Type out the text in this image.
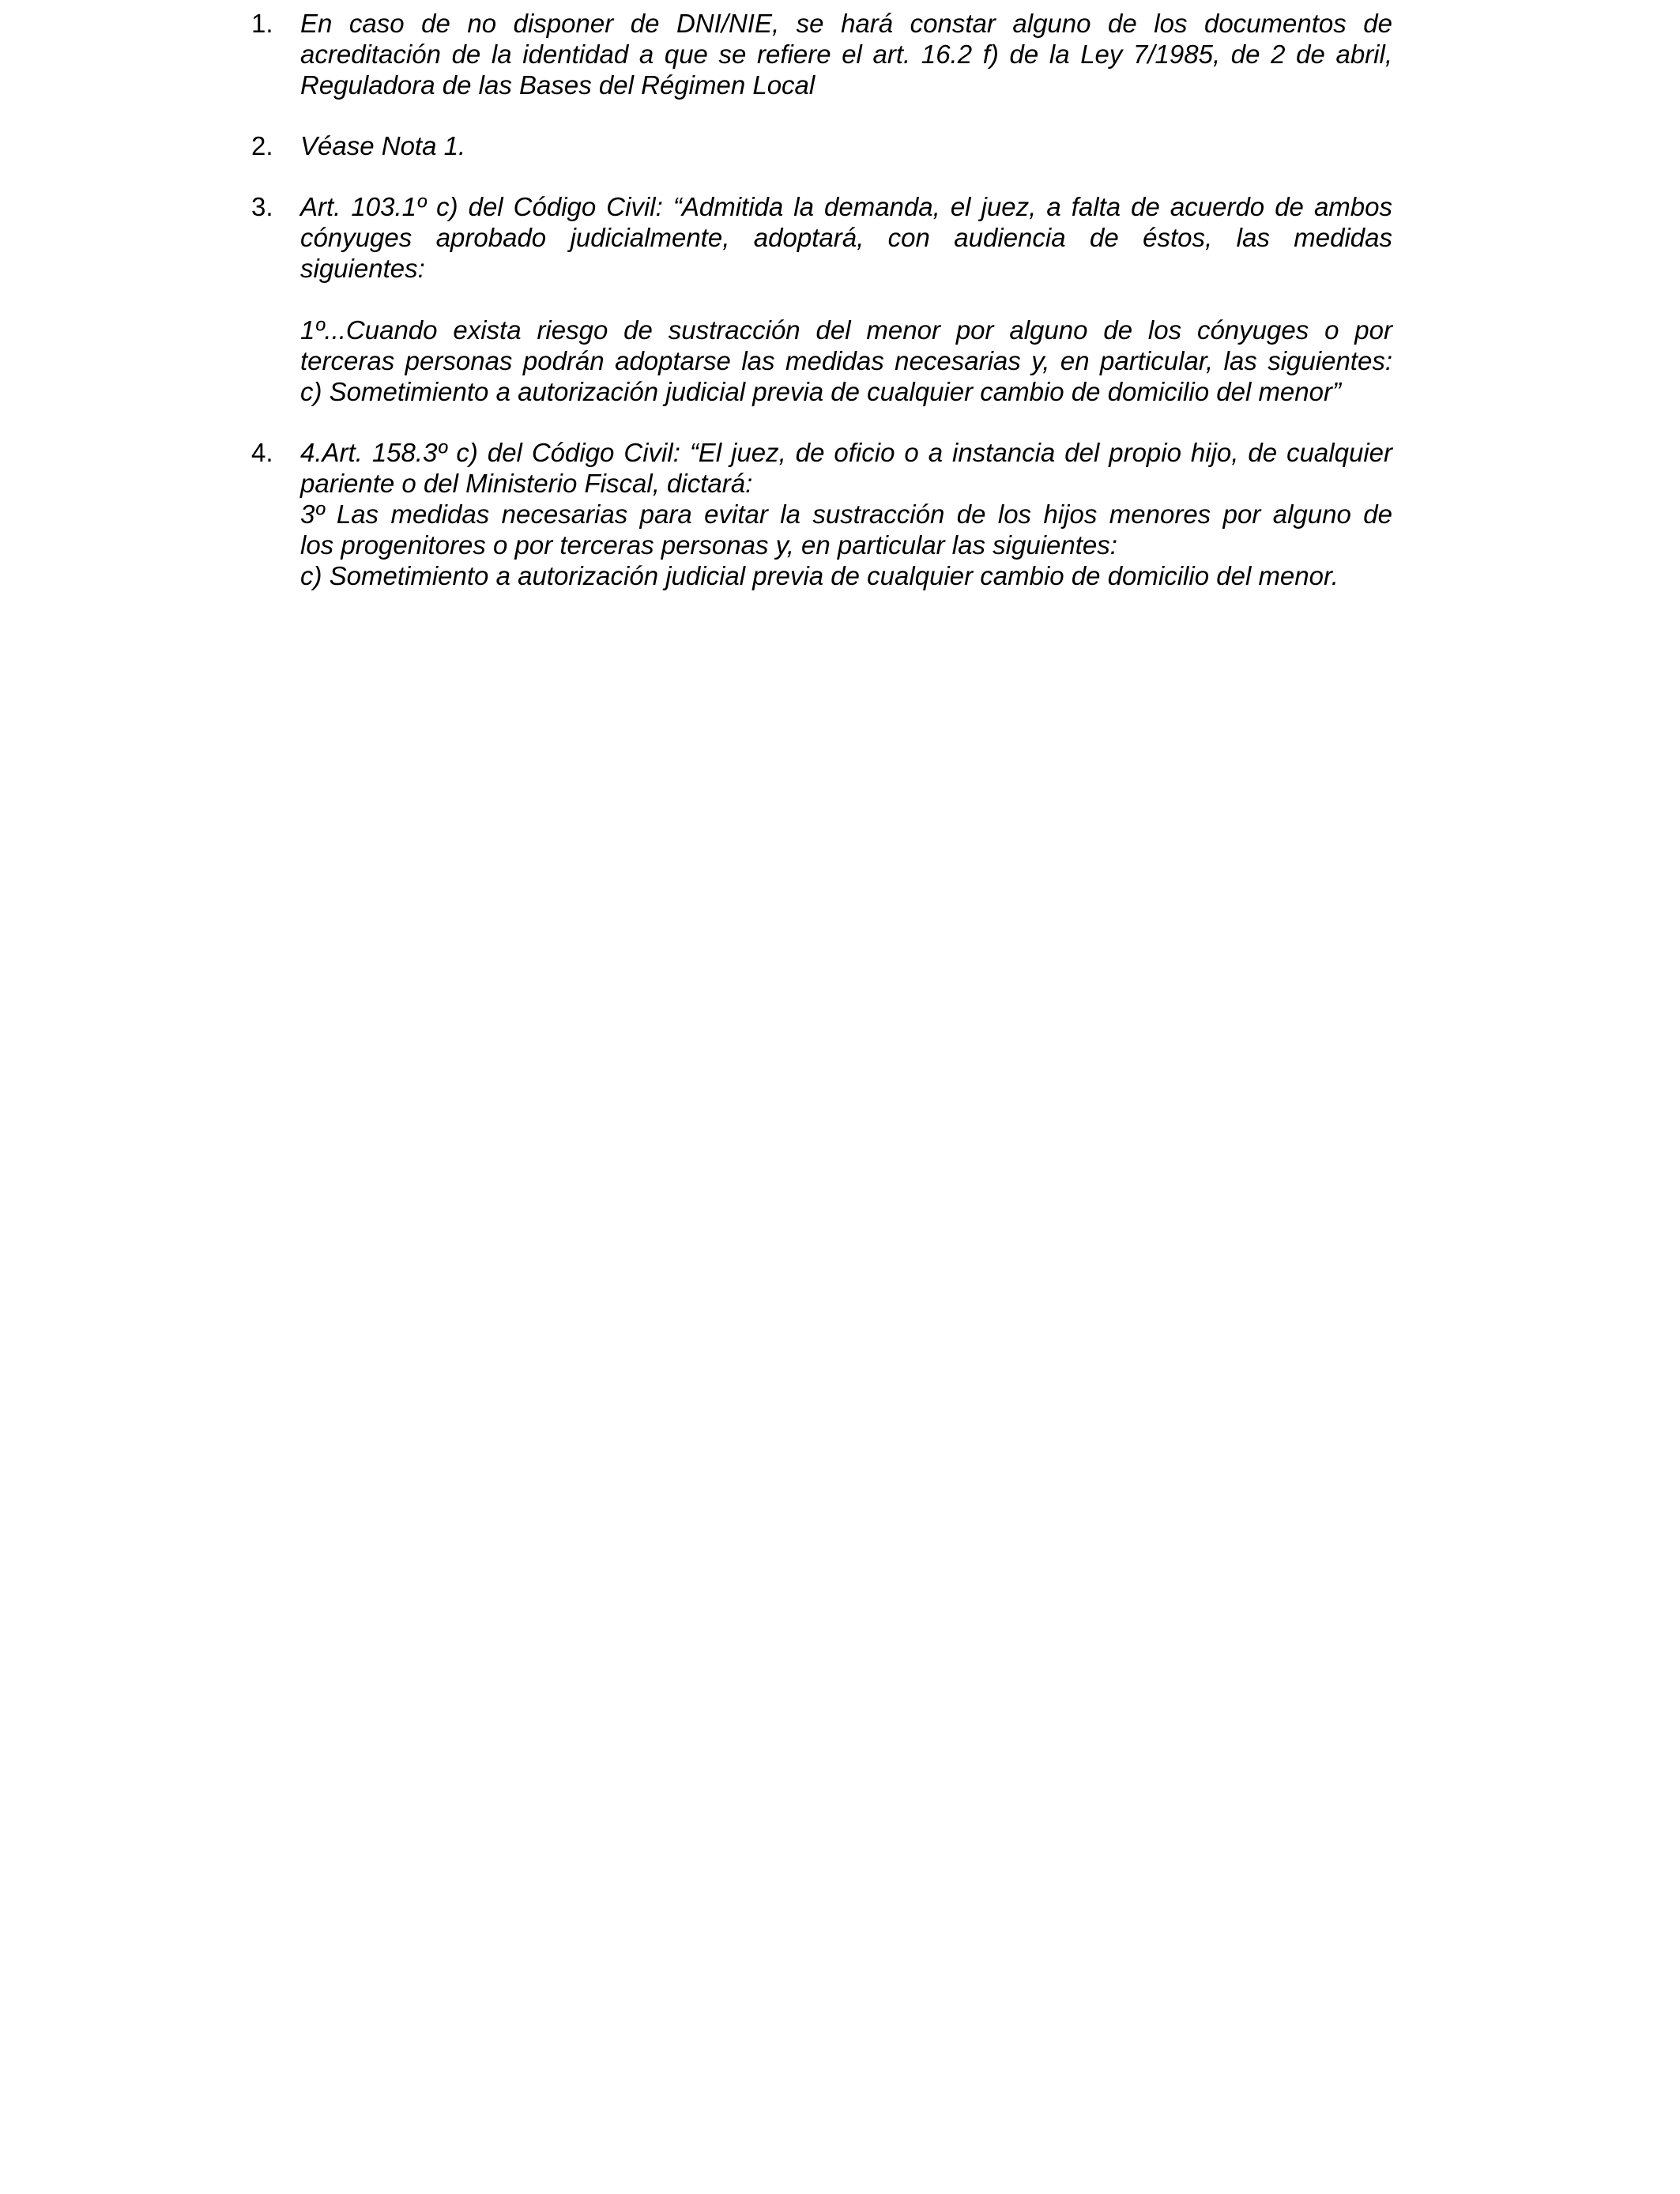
1. En caso de no disponer de DNI/NIE, se hará constar alguno de los documentos de
acreditación de la identidad a que se refiere el art. 16.2 f) de la Ley 7/1985, de 2 de abril,
Reguladora de las Bases del Régimen Local

2. Véase Nota 1.

3. Art. 103.1º c) del Código Civil: “Admitida la demanda, el juez, a falta de acuerdo de ambos
cónyuges aprobado judicialmente, adoptará, con audiencia de éstos, las medidas
siguientes:

1º...Cuando exista riesgo de sustracción del menor por alguno de los cónyuges o por
terceras personas podrán adoptarse las medidas necesarias y, en particular, las siguientes:
c) Sometimiento a autorización judicial previa de cualquier cambio de domicilio del menor”

4. 4.Art. 158.3º c) del Código Civil: “El juez, de oficio o a instancia del propio hijo, de cualquier
pariente o del Ministerio Fiscal, dictará:
3º Las medidas necesarias para evitar la sustracción de los hijos menores por alguno de
los progenitores o por terceras personas y, en particular las siguientes:
c) Sometimiento a autorización judicial previa de cualquier cambio de domicilio del menor.
